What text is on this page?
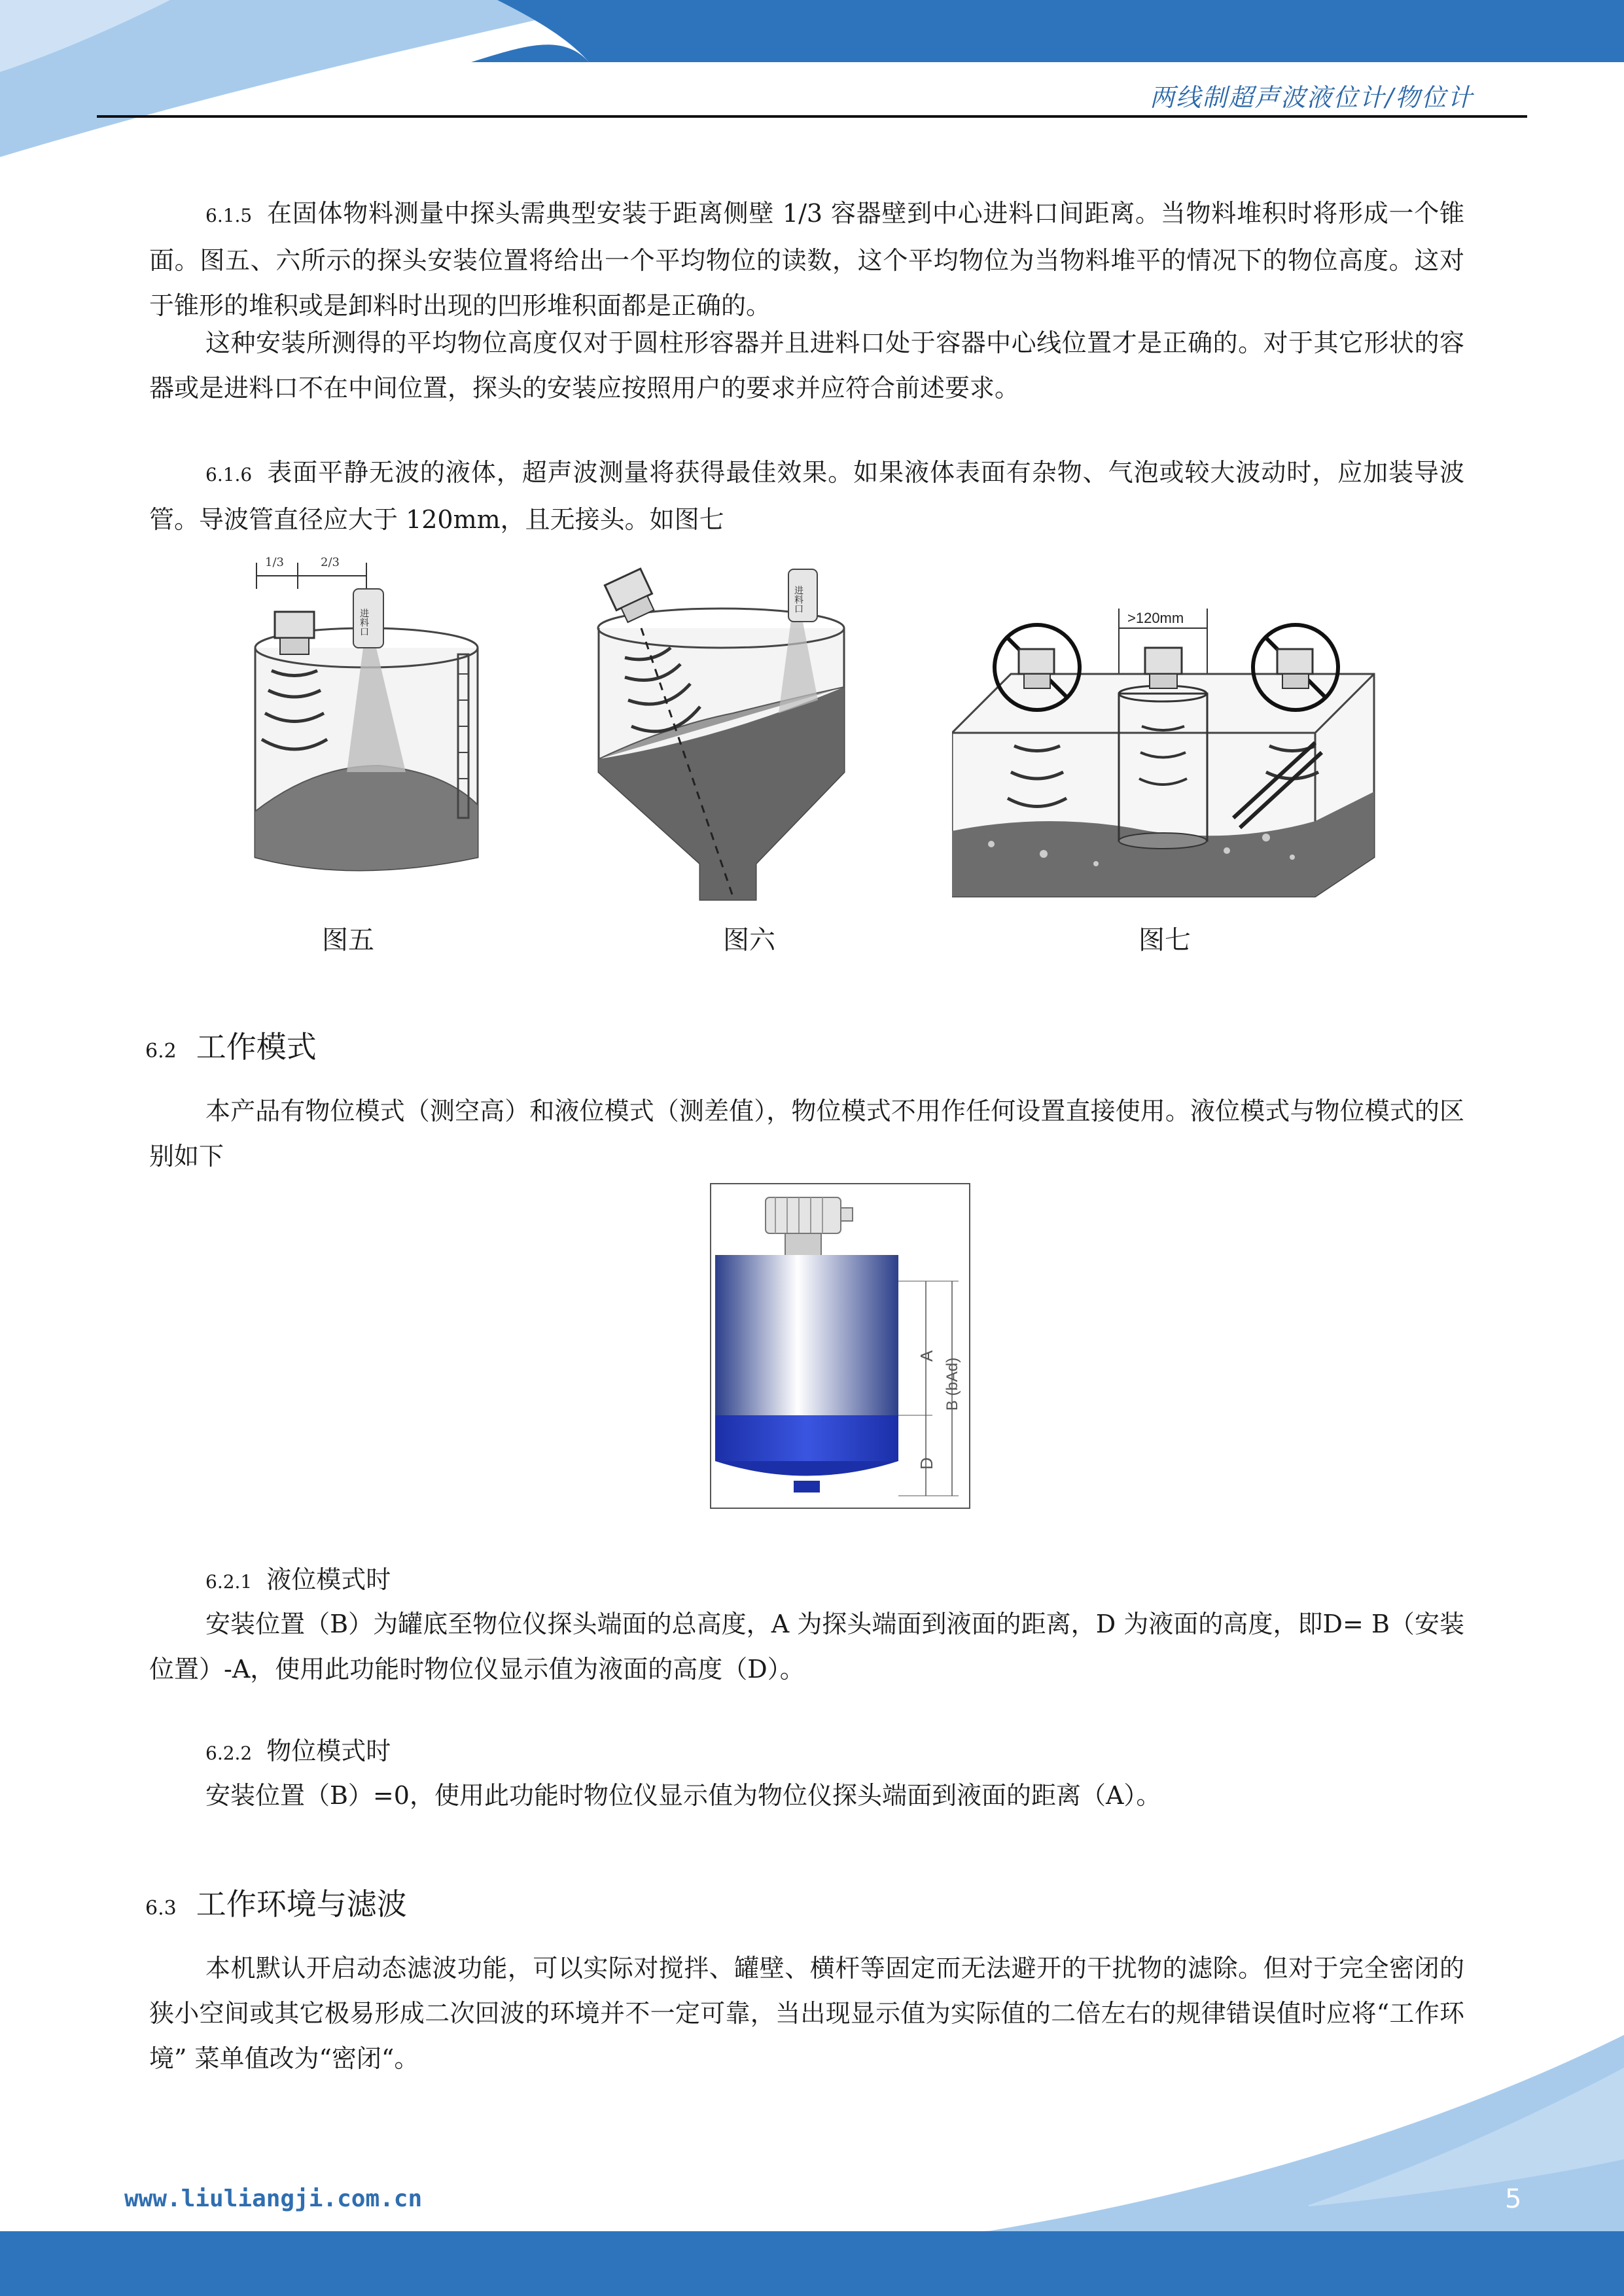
两线制超声波液位计/物位计
6.1.5 在固体物料测量中探头需典型安装于距离侧壁 1/3 容器壁到中心进料口间距离。当物料堆积时将形成一个锥面。图五、六所示的探头安装位置将给出一个平均物位的读数，这个平均物位为当物料堆平的情况下的物位高度。这对于锥形的堆积或是卸料时出现的凹形堆积面都是正确的。
这种安装所测得的平均物位高度仅对于圆柱形容器并且进料口处于容器中心线位置才是正确的。对于其它形状的容器或是进料口不在中间位置，探头的安装应按照用户的要求并应符合前述要求。
6.1.6 表面平静无波的液体，超声波测量将获得最佳效果。如果液体表面有杂物、气泡或较大波动时，应加装导波管。导波管直径应大于 120mm，且无接头。如图七
1/3	2/3
进料口
图五
进料口
图六
>120mm
图七
6.2 工作模式
本产品有物位模式（测空高）和液位模式（测差值），物位模式不用作任何设置直接使用。液位模式与物位模式的区别如下
A
B (bAd)
D
6.2.1 液位模式时
安装位置（B）为罐底至物位仪探头端面的总高度，A 为探头端面到液面的距离，D 为液面的高度，即D= B（安装位置）-A，使用此功能时物位仪显示值为液面的高度（D）。
6.2.2 物位模式时
安装位置（B）=0，使用此功能时物位仪显示值为物位仪探头端面到液面的距离（A）。
6.3 工作环境与滤波
本机默认开启动态滤波功能，可以实际对搅拌、罐壁、横杆等固定而无法避开的干扰物的滤除。但对于完全密闭的狭小空间或其它极易形成二次回波的环境并不一定可靠，当出现显示值为实际值的二倍左右的规律错误值时应将“工作环境” 菜单值改为“密闭“。
www.liuliangji.com.cn	5
